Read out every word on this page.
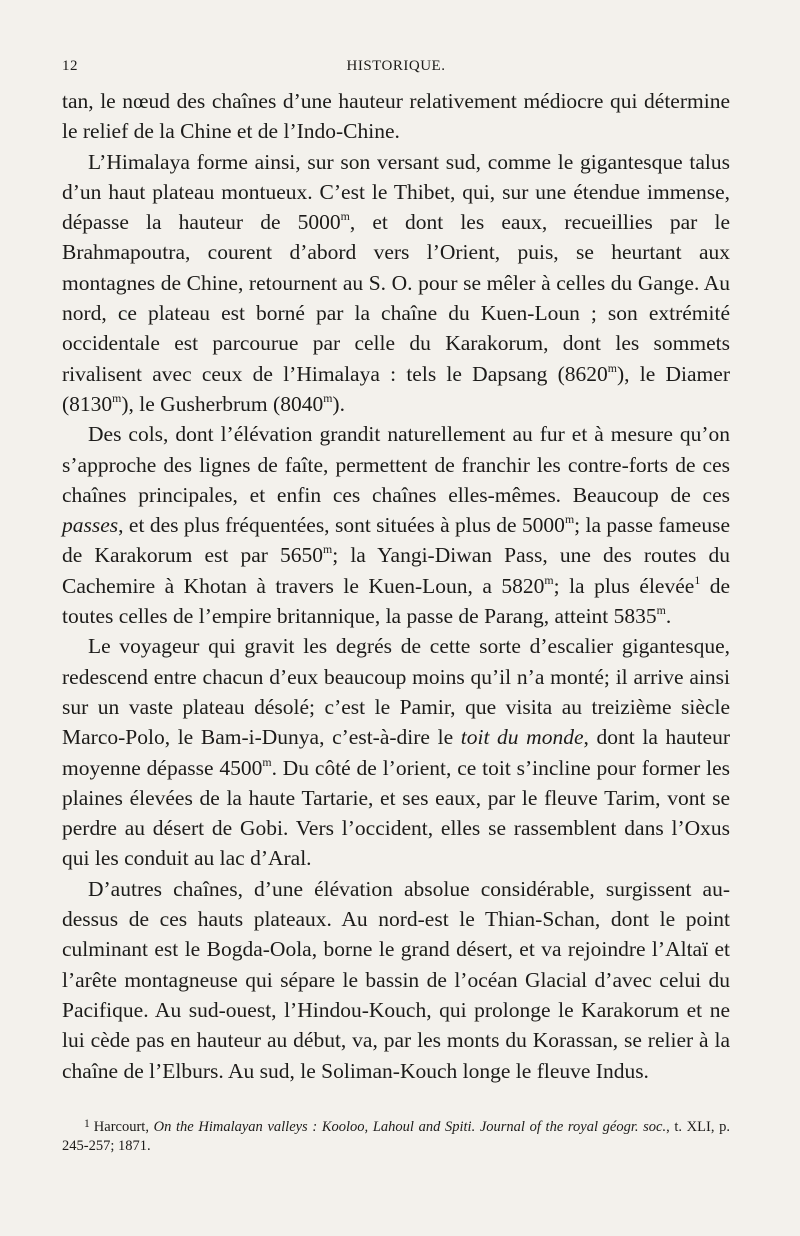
12	HISTORIQUE.

tan, le nœud des chaînes d’une hauteur relativement médiocre qui détermine le relief de la Chine et de l’Indo-Chine.

L’Himalaya forme ainsi, sur son versant sud, comme le gigantesque talus d’un haut plateau montueux. C’est le Thibet, qui, sur une étendue immense, dépasse la hauteur de 5000$^m$, et dont les eaux, recueillies par le Brahmapoutra, courent d’abord vers l’Orient, puis, se heurtant aux montagnes de Chine, retournent au S. O. pour se mêler à celles du Gange. Au nord, ce plateau est borné par la chaîne du Kuen-Loun ; son extrémité occidentale est parcourue par celle du Karakorum, dont les sommets rivalisent avec ceux de l’Himalaya : tels le Dapsang (8620$^m$), le Diamer (8130$^m$), le Gusherbrum (8040$^m$).

Des cols, dont l’élévation grandit naturellement au fur et à mesure qu’on s’approche des lignes de faîte, permettent de franchir les contre-forts de ces chaînes principales, et enfin ces chaînes elles-mêmes. Beaucoup de ces passes, et des plus fréquentées, sont situées à plus de 5000$^m$; la passe fameuse de Karakorum est par 5650$^m$; la Yangi-Diwan Pass, une des routes du Cachemire à Khotan à travers le Kuen-Loun, a 5820$^m$; la plus élevée$^1$ de toutes celles de l’empire britannique, la passe de Parang, atteint 5835$^m$.

Le voyageur qui gravit les degrés de cette sorte d’escalier gigantesque, redescend entre chacun d’eux beaucoup moins qu’il n’a monté; il arrive ainsi sur un vaste plateau désolé; c’est le Pamir, que visita au treizième siècle Marco-Polo, le Bam-i-Dunya, c’est-à-dire le toit du monde, dont la hauteur moyenne dépasse 4500$^m$. Du côté de l’orient, ce toit s’incline pour former les plaines élevées de la haute Tartarie, et ses eaux, par le fleuve Tarim, vont se perdre au désert de Gobi. Vers l’occident, elles se rassemblent dans l’Oxus qui les conduit au lac d’Aral.

D’autres chaînes, d’une élévation absolue considérable, surgissent au-dessus de ces hauts plateaux. Au nord-est le Thian-Schan, dont le point culminant est le Bogda-Oola, borne le grand désert, et va rejoindre l’Altaï et l’arête montagneuse qui sépare le bassin de l’océan Glacial d’avec celui du Pacifique. Au sud-ouest, l’Hindou-Kouch, qui prolonge le Karakorum et ne lui cède pas en hauteur au début, va, par les monts du Korassan, se relier à la chaîne de l’Elburs. Au sud, le Soliman-Kouch longe le fleuve Indus.

$^1$ Harcourt, On the Himalayan valleys : Kooloo, Lahoul and Spiti. Journal of the royal géogr. soc., t. XLI, p. 245-257; 1871.
